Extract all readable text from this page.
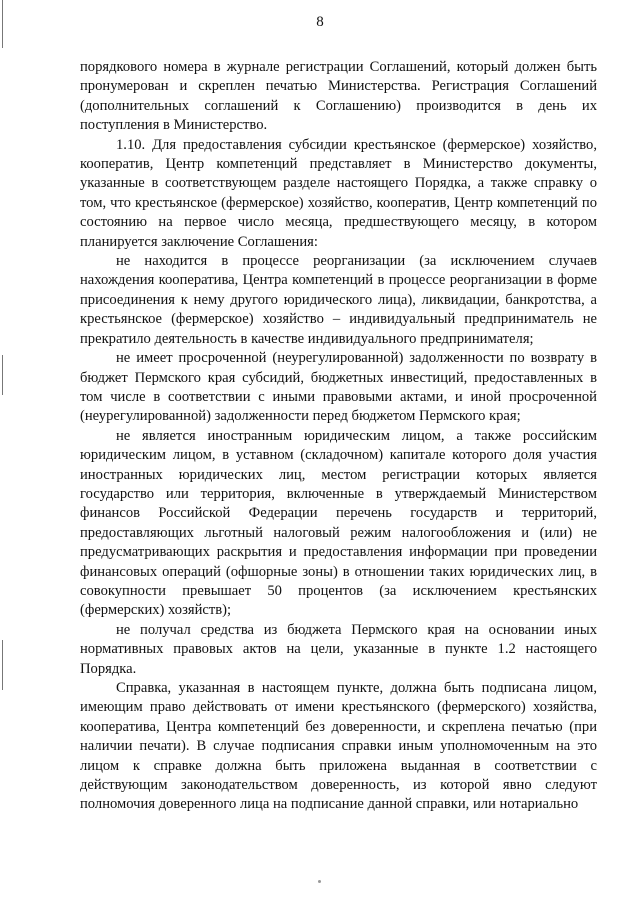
8

порядкового номера в журнале регистрации Соглашений, который должен быть пронумерован и скреплен печатью Министерства. Регистрация Соглашений (дополнительных соглашений к Соглашению) производится в день их поступления в Министерство.

1.10. Для предоставления субсидии крестьянское (фермерское) хозяйство, кооператив, Центр компетенций представляет в Министерство документы, указанные в соответствующем разделе настоящего Порядка, а также справку о том, что крестьянское (фермерское) хозяйство, кооператив, Центр компетенций по состоянию на первое число месяца, предшествующего месяцу, в котором планируется заключение Соглашения:

не находится в процессе реорганизации (за исключением случаев нахождения кооператива, Центра компетенций в процессе реорганизации в форме присоединения к нему другого юридического лица), ликвидации, банкротства, а крестьянское (фермерское) хозяйство – индивидуальный предприниматель не прекратило деятельность в качестве индивидуального предпринимателя;

не имеет просроченной (неурегулированной) задолженности по возврату в бюджет Пермского края субсидий, бюджетных инвестиций, предоставленных в том числе в соответствии с иными правовыми актами, и иной просроченной (неурегулированной) задолженности перед бюджетом Пермского края;

не является иностранным юридическим лицом, а также российским юридическим лицом, в уставном (складочном) капитале которого доля участия иностранных юридических лиц, местом регистрации которых является государство или территория, включенные в утверждаемый Министерством финансов Российской Федерации перечень государств и территорий, предоставляющих льготный налоговый режим налогообложения и (или) не предусматривающих раскрытия и предоставления информации при проведении финансовых операций (офшорные зоны) в отношении таких юридических лиц, в совокупности превышает 50 процентов (за исключением крестьянских (фермерских) хозяйств);

не получал средства из бюджета Пермского края на основании иных нормативных правовых актов на цели, указанные в пункте 1.2 настоящего Порядка.

Справка, указанная в настоящем пункте, должна быть подписана лицом, имеющим право действовать от имени крестьянского (фермерского) хозяйства, кооператива, Центра компетенций без доверенности, и скреплена печатью (при наличии печати). В случае подписания справки иным уполномоченным на это лицом к справке должна быть приложена выданная в соответствии с действующим законодательством доверенность, из которой явно следуют полномочия доверенного лица на подписание данной справки, или нотариально
